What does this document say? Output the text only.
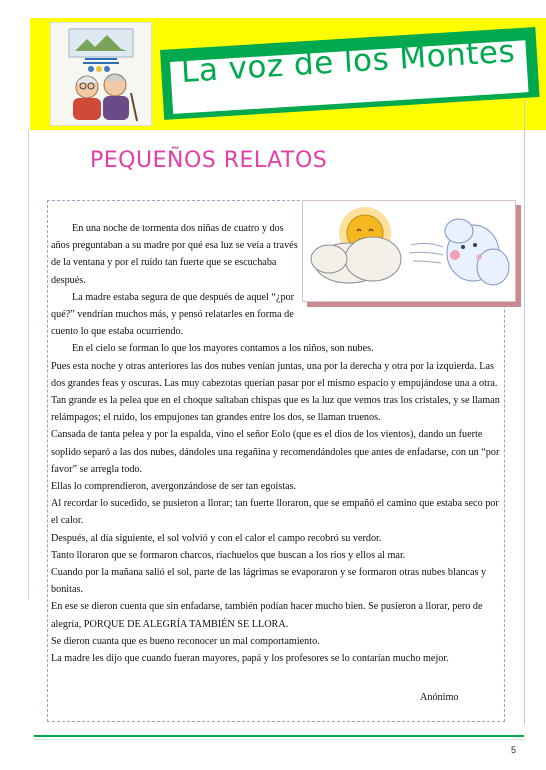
La voz de los Montes
PEQUEÑOS RELATOS

En una noche de tormenta dos niñas de cuatro y dos años preguntaban a su madre por qué esa luz se veía a través de la ventana y por el ruido tan fuerte que se escuchaba después.

La madre estaba segura de que después de aquel “¿por qué?” vendrían muchos más, y pensó relatarles en forma de cuento lo que estaba ocurriendo.

En el cielo se forman lo que los mayores contamos a los niños, son nubes.

Pues esta noche y otras anteriores las dos nubes venían juntas, una por la derecha y otra por la izquierda. Las dos grandes feas y oscuras. Las muy cabezotas querían pasar por el mismo espacio y empujándose una a otra. Tan grande es la pelea que en el choque saltaban chispas que es la luz que vemos tras los cristales, y se llaman relámpagos; el ruido, los empujones tan grandes entre los dos, se llaman truenos.

Cansada de tanta pelea y por la espalda, vino el señor Eolo (que es el dios de los vientos), dando un fuerte soplido separó a las dos nubes, dándoles una regañina y recomendándoles que antes de enfadarse, con un “por favor” se arregla todo.

Ellas lo comprendieron, avergonzándose de ser tan egoístas.

Al recordar lo sucedido, se pusieron a llorar; tan fuerte lloraron, que se empañó el camino que estaba seco por el calor.

Después, al día siguiente, el sol volvió y con el calor el campo recobró su verdor.

Tanto lloraron que se formaron charcos, riachuelos que buscan a los ríos y ellos al mar.

Cuando por la mañana salió el sol, parte de las lágrimas se evaporaron y se formaron otras nubes blancas y bonitas.

En ese se dieron cuenta que sin enfadarse, también podían hacer mucho bien. Se pusieron a llorar, pero de alegría, PORQUE DE ALEGRÍA TAMBIÉN SE LLORA.

Se dieron cuanta que es bueno reconocer un mal comportamiento.

La madre les dijo que cuando fueran mayores, papá y los profesores se lo contarían mucho mejor.

Anónimo
5
